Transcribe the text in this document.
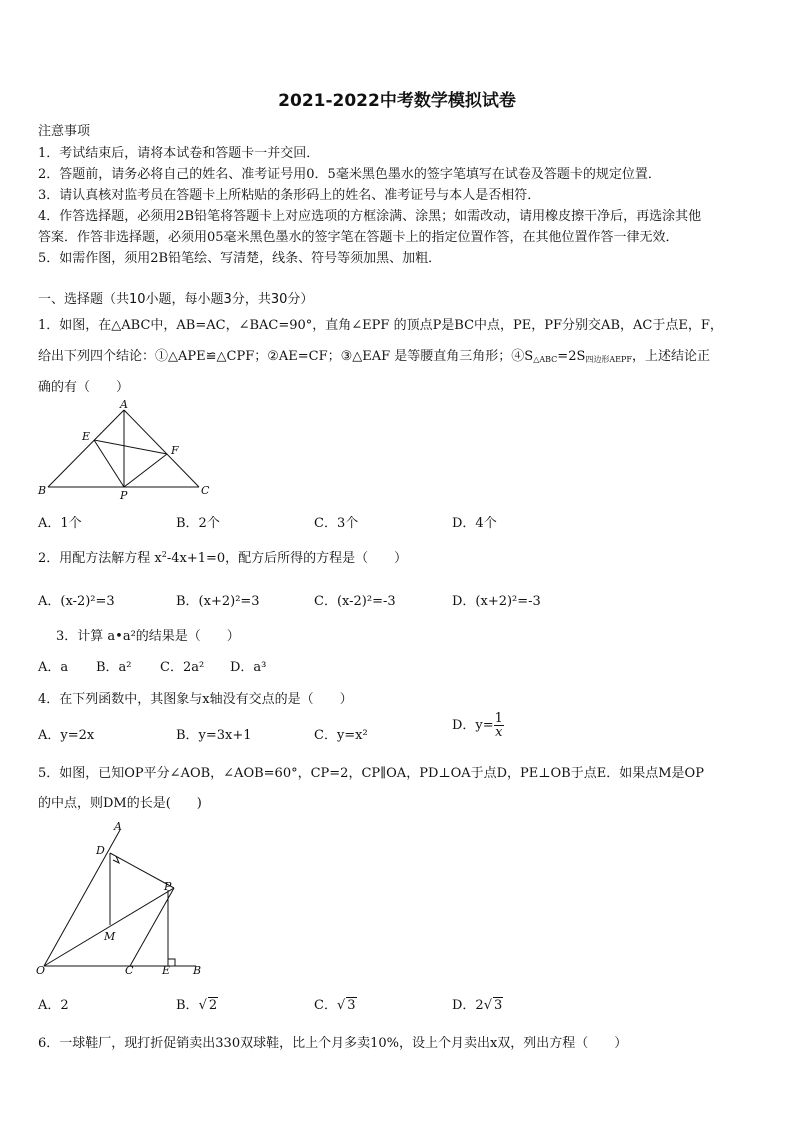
2021-2022中考数学模拟试卷
注意事项
1．考试结束后，请将本试卷和答题卡一并交回．
2．答题前，请务必将自己的姓名、准考证号用0．5毫米黑色墨水的签字笔填写在试卷及答题卡的规定位置．
3．请认真核对监考员在答题卡上所粘贴的条形码上的姓名、准考证号与本人是否相符．
4．作答选择题，必须用2B铅笔将答题卡上对应选项的方框涂满、涂黑；如需改动，请用橡皮擦干净后，再选涂其他
答案．作答非选择题，必须用05毫米黑色墨水的签字笔在答题卡上的指定位置作答，在其他位置作答一律无效．
5．如需作图，须用2B铅笔绘、写清楚，线条、符号等须加黑、加粗．
一、选择题（共10小题，每小题3分，共30分）
1．如图，在△ABC中，AB=AC，∠BAC=90°，直角∠EPF 的顶点P是BC中点，PE，PF分别交AB，AC于点E，F，
给出下列四个结论：①△APE≌△CPF；②AE=CF；③△EAF 是等腰直角三角形；$④S_{\triangle ABC}=2S_{四边形AEPF}$，上述结论正
确的有（　　）
A
B	C
E
F
P
A．1个	B．2个	C．3个	D．4个
2．用配方法解方程 $x^2-4x+1=0$，配方后所得的方程是（　　）
A．(x-2)²=3	B．(x+2)²=3	C．(x-2)²=-3	D．(x+2)²=-3
3．计算 a•a²的结果是（　　）
A．a B．a² C．2a² D．a³
4．在下列函数中，其图象与x轴没有交点的是（　　）
A．y=2x	B．y=3x+1	C．y=x²
D．$y= \frac{1}{x}$
5．如图，已知OP平分∠AOB，∠AOB=60°，CP=2，CP∥OA，PD⊥OA于点D，PE⊥OB于点E．如果点M是OP
的中点，则DM的长是(　　)
A
D
P
M
O	C	E B
A．2	B．√ 2	C．√ 3	D．2√ 3
6．一球鞋厂，现打折促销卖出330双球鞋，比上个月多卖10%，设上个月卖出x双，列出方程（　　）
